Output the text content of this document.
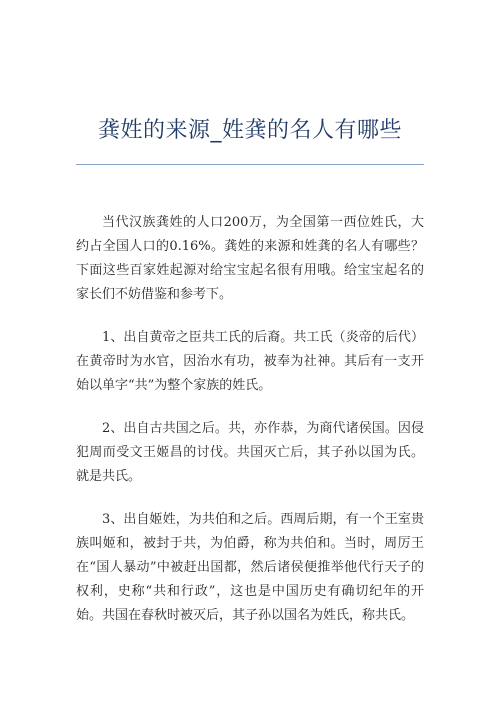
龚姓的来源_姓龚的名人有哪些

当代汉族龚姓的人口200万，为全国第一西位姓氏，大约占全国人口的0.16%。龚姓的来源和姓龚的名人有哪些？下面这些百家姓起源对给宝宝起名很有用哦。给宝宝起名的家长们不妨借鉴和参考下。

1、出自黄帝之臣共工氏的后裔。共工氏（炎帝的后代）在黄帝时为水官，因治水有功，被奉为社神。其后有一支开始以单字“共”为整个家族的姓氏。

2、出自古共国之后。共，亦作恭，为商代诸侯国。因侵犯周而受文王姬昌的讨伐。共国灭亡后，其子孙以国为氏。就是共氏。

3、出自姬姓，为共伯和之后。西周后期，有一个王室贵族叫姬和，被封于共，为伯爵，称为共伯和。当时，周厉王在“国人暴动”中被赶出国都，然后诸侯便推举他代行天子的权利，史称“共和行政”，这也是中国历史有确切纪年的开始。共国在春秋时被灭后，其子孙以国名为姓氏，称共氏。
